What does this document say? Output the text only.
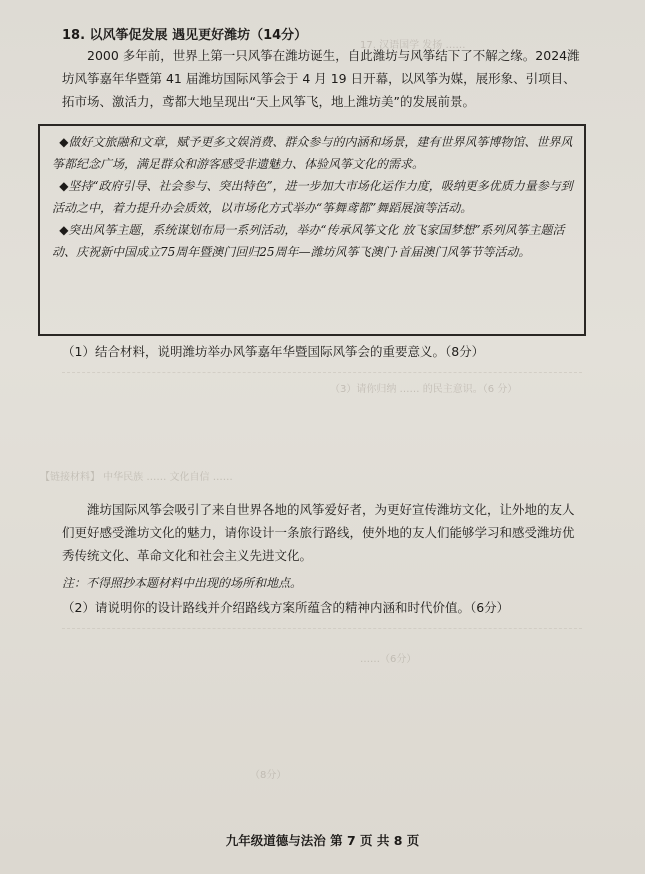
17. 汉语国学 发扬 ……
（3）请你归纳 …… 的民主意识。（6 分）
【链接材料】 中华民族 …… 文化自信 ……
……（6分）
（8分）
18. 以风筝促发展 遇见更好潍坊（14分）
2000 多年前，世界上第一只风筝在潍坊诞生，自此潍坊与风筝结下了不解之缘。2024潍坊风筝嘉年华暨第 41 届潍坊国际风筝会于 4 月 19 日开幕，以风筝为媒，展形象、引项目、拓市场、激活力，鸢都大地呈现出“天上风筝飞，地上潍坊美”的发展前景。

◆做好文旅融和文章，赋予更多文娱消费、群众参与的内涵和场景，建有世界风筝博物馆、世界风筝都纪念广场，满足群众和游客感受非遗魅力、体验风筝文化的需求。

◆坚持“政府引导、社会参与、突出特色”，进一步加大市场化运作力度，吸纳更多优质力量参与到活动之中，着力提升办会质效，以市场化方式举办“筝舞鸢都”舞蹈展演等活动。

◆突出风筝主题，系统谋划布局一系列活动，举办“传承风筝文化 放飞家国梦想”系列风筝主题活动、庆祝新中国成立75周年暨澳门回归25周年—潍坊风筝飞澳门·首届澳门风筝节等活动。

（1）结合材料，说明潍坊举办风筝嘉年华暨国际风筝会的重要意义。（8分）
潍坊国际风筝会吸引了来自世界各地的风筝爱好者，为更好宣传潍坊文化，让外地的友人们更好感受潍坊文化的魅力，请你设计一条旅行路线，使外地的友人们能够学习和感受潍坊优秀传统文化、革命文化和社会主义先进文化。
注：不得照抄本题材料中出现的场所和地点。
（2）请说明你的设计路线并介绍路线方案所蕴含的精神内涵和时代价值。（6分）
九年级道德与法治 第 7 页 共 8 页
